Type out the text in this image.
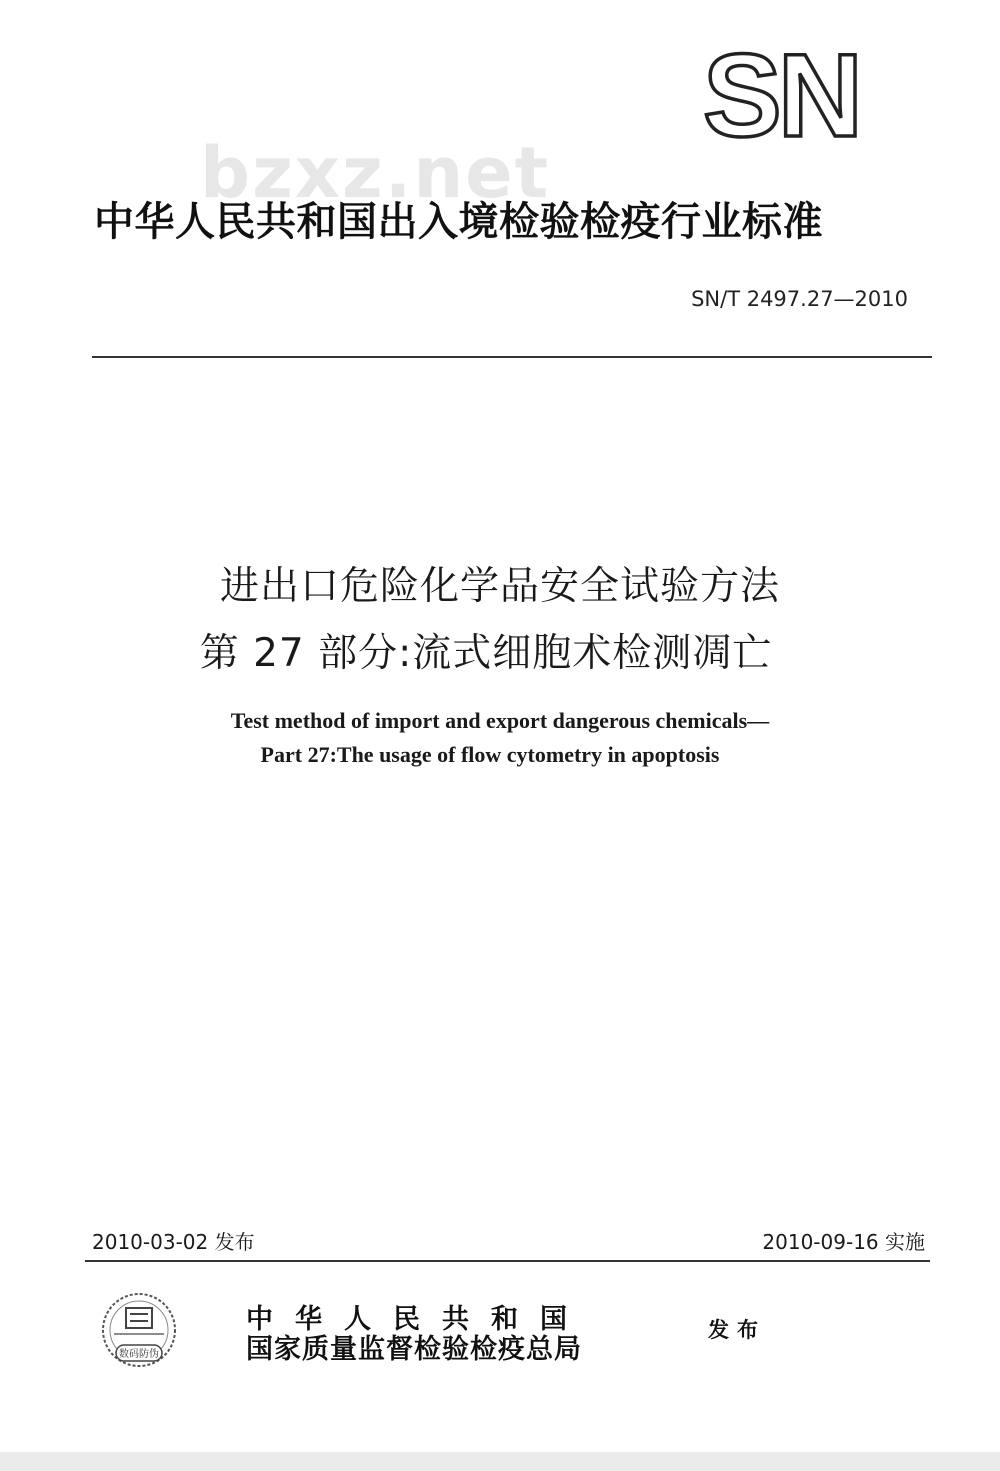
SN
bzxz.net
中华人民共和国出入境检验检疫行业标准
SN/T 2497.27—2010
进出口危险化学品安全试验方法
第 27 部分:流式细胞术检测凋亡
Test method of import and export dangerous chemicals—
Part 27:The usage of flow cytometry in apoptosis
2010-03-02 发布	2010-09-16 实施
数码防伪
中华人民共和国
国家质量监督检验检疫总局
发布
